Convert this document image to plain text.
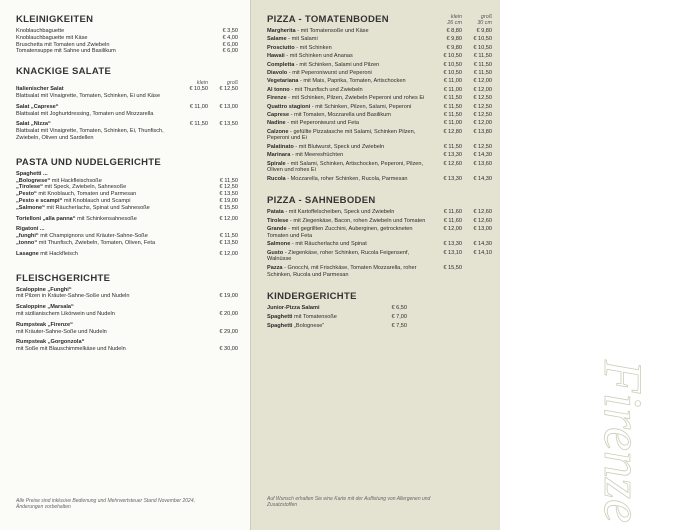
KLEINIGKEITEN
Knoblauchbaguette	€ 3,50
Knoblauchbaguette mit Käse	€ 4,00
Bruschetta mit Tomaten und Zwiebeln	€ 6,00
Tomatensuppe mit Sahne und Basilikum	€ 6,00
KNACKIGE SALATE
klein	groß
Italienischer Salat
Blattsalat mit Vinaigrette, Tomaten, Schinken, Ei und Käse
€ 10,50	€ 12,50
Salat „Caprese“
Blattsalat mit Joghurtdressing, Tomaten und Mozzarella
€ 11,00	€ 13,00
Salat „Nizza“
Blattsalat mit Vinaigrette, Tomaten, Schinken, Ei, Thunfisch, Zwiebeln, Oliven und Sardellen
€ 11,50	€ 13,50
PASTA UND NUDELGERICHTE
Spaghetti ...
„Bolognese“ mit Hackfleischsoße	€ 11,50
„Tirolese“ mit Speck, Zwiebeln, Sahnesoße	€ 12,50
„Pesto“ mit Knoblauch, Tomaten und Parmesan	€ 13,50
„Pesto e scampi“ mit Knoblauch und Scampi	€ 19,00
„Salmone“ mit Räucherlachs, Spinat und Sahnesoße	€ 15,50
Tortelloni „alla panna“ mit Schinkensahnesoße	€ 12,00
Rigatoni ...
„funghi“ mit Champignons und Kräuter-Sahne-Soße	€ 11,50
„tonno“ mit Thunfisch, Zwiebeln, Tomaten, Oliven, Feta	€ 13,50
Lasagne mit Hackfleisch	€ 12,00
FLEISCHGERICHTE
Scaloppine „Funghi“
mit Pilzen in Kräuter-Sahne-Soße und Nudeln	€ 19,00
Scaloppine „Marsala“
mit sizilianischem Likörwein und Nudeln	€ 20,00
Rumpsteak „Firenze“
mit Kräuter-Sahne-Soße und Nudeln	€ 29,00
Rumpsteak „Gorgonzola“
mit Soße mit Blauschimmelkäse und Nudeln	€ 30,00
Alle Preise sind inklusive Bedienung und Mehrwertsteuer Stand November 2024, Änderungen vorbehalten	Firenze
PIZZA - TOMATENBODEN	klein	groß
26 cm	30 cm
Margherita - mit Tomatensoße und Käse	€ 8,80	€ 9,80
Salame - mit Salami	€ 9,80	€ 10,50
Prosciutto - mit Schinken	€ 9,80	€ 10,50
Hawaii - mit Schinken und Ananas	€ 10,50	€ 11,50
Completta - mit Schinken, Salami und Pilzen	€ 10,50	€ 11,50
Diavolo - mit Peperoniwurst und Peperoni	€ 10,50	€ 11,50
Vegetariana - mit Mais, Paprika, Tomaten, Artischocken	€ 11,00	€ 12,00
Al tonno - mit Thunfisch und Zwiebeln	€ 11,00	€ 12,00
Firenze - mit Schinken, Pilzen, Zwiebeln Peperoni und rohes Ei	€ 11,50	€ 12,50
Quattro stagioni - mit Schinken, Pilzen, Salami, Peperoni	€ 11,50	€ 12,50
Caprese - mit Tomaten, Mozzarella und Basilikum	€ 11,50	€ 12,50
Nadine - mit Peperoniwurst und Feta	€ 11,00	€ 12,00
Calzone - gefüllte Pizzatasche mit Salami, Schinken Pilzen, Peperoni und Ei
€ 12,80	€ 13,80
Palatinato - mit Blutwurst, Speck und Zwiebeln	€ 11,50	€ 12,50
Marinara - mit Meeresfrüchten	€ 13,30	€ 14,30
Spirale - mit Salami, Schinken, Artischocken, Peperoni, Pilzen, Oliven und rohes Ei
€ 12,60	€ 13,60
Rucola - Mozzarella, roher Schinken, Rucola, Parmesan	€ 13,30	€ 14,30
PIZZA - SAHNEBODEN
Patata - mit Kartoffelscheiben, Speck und Zwiebeln	€ 11,60	€ 12,60
Tirolese - mit Ziegenkäse, Bacon, rohen Zwiebeln und Tomaten	€ 11,60	€ 12,60
Grande - mit gegrillten Zucchini, Auberginen, getrockneten Tomaten und Feta
€ 12,00	€ 13,00
Salmone - mit Räucherlachs und Spinat	€ 13,30	€ 14,30
Gusto - Ziegenkäse, roher Schinken, Rucola Feigensenf, Walnüsse
€ 13,10	€ 14,10
Pazza - Gnocchi, mit Frischkäse, Tomaten Mozzarella, roher Schinken, Rucola und Parmesan
€ 15,50
KINDERGERICHTE
Junior-Pizza Salami	€ 6,50
Spaghetti mit Tomatensoße	€ 7,00
Spaghetti „Bolognese“	€ 7,50
Auf Wunsch erhalten Sie eine Karte mit der Auflistung von Allergenen und Zusatzstoffen
